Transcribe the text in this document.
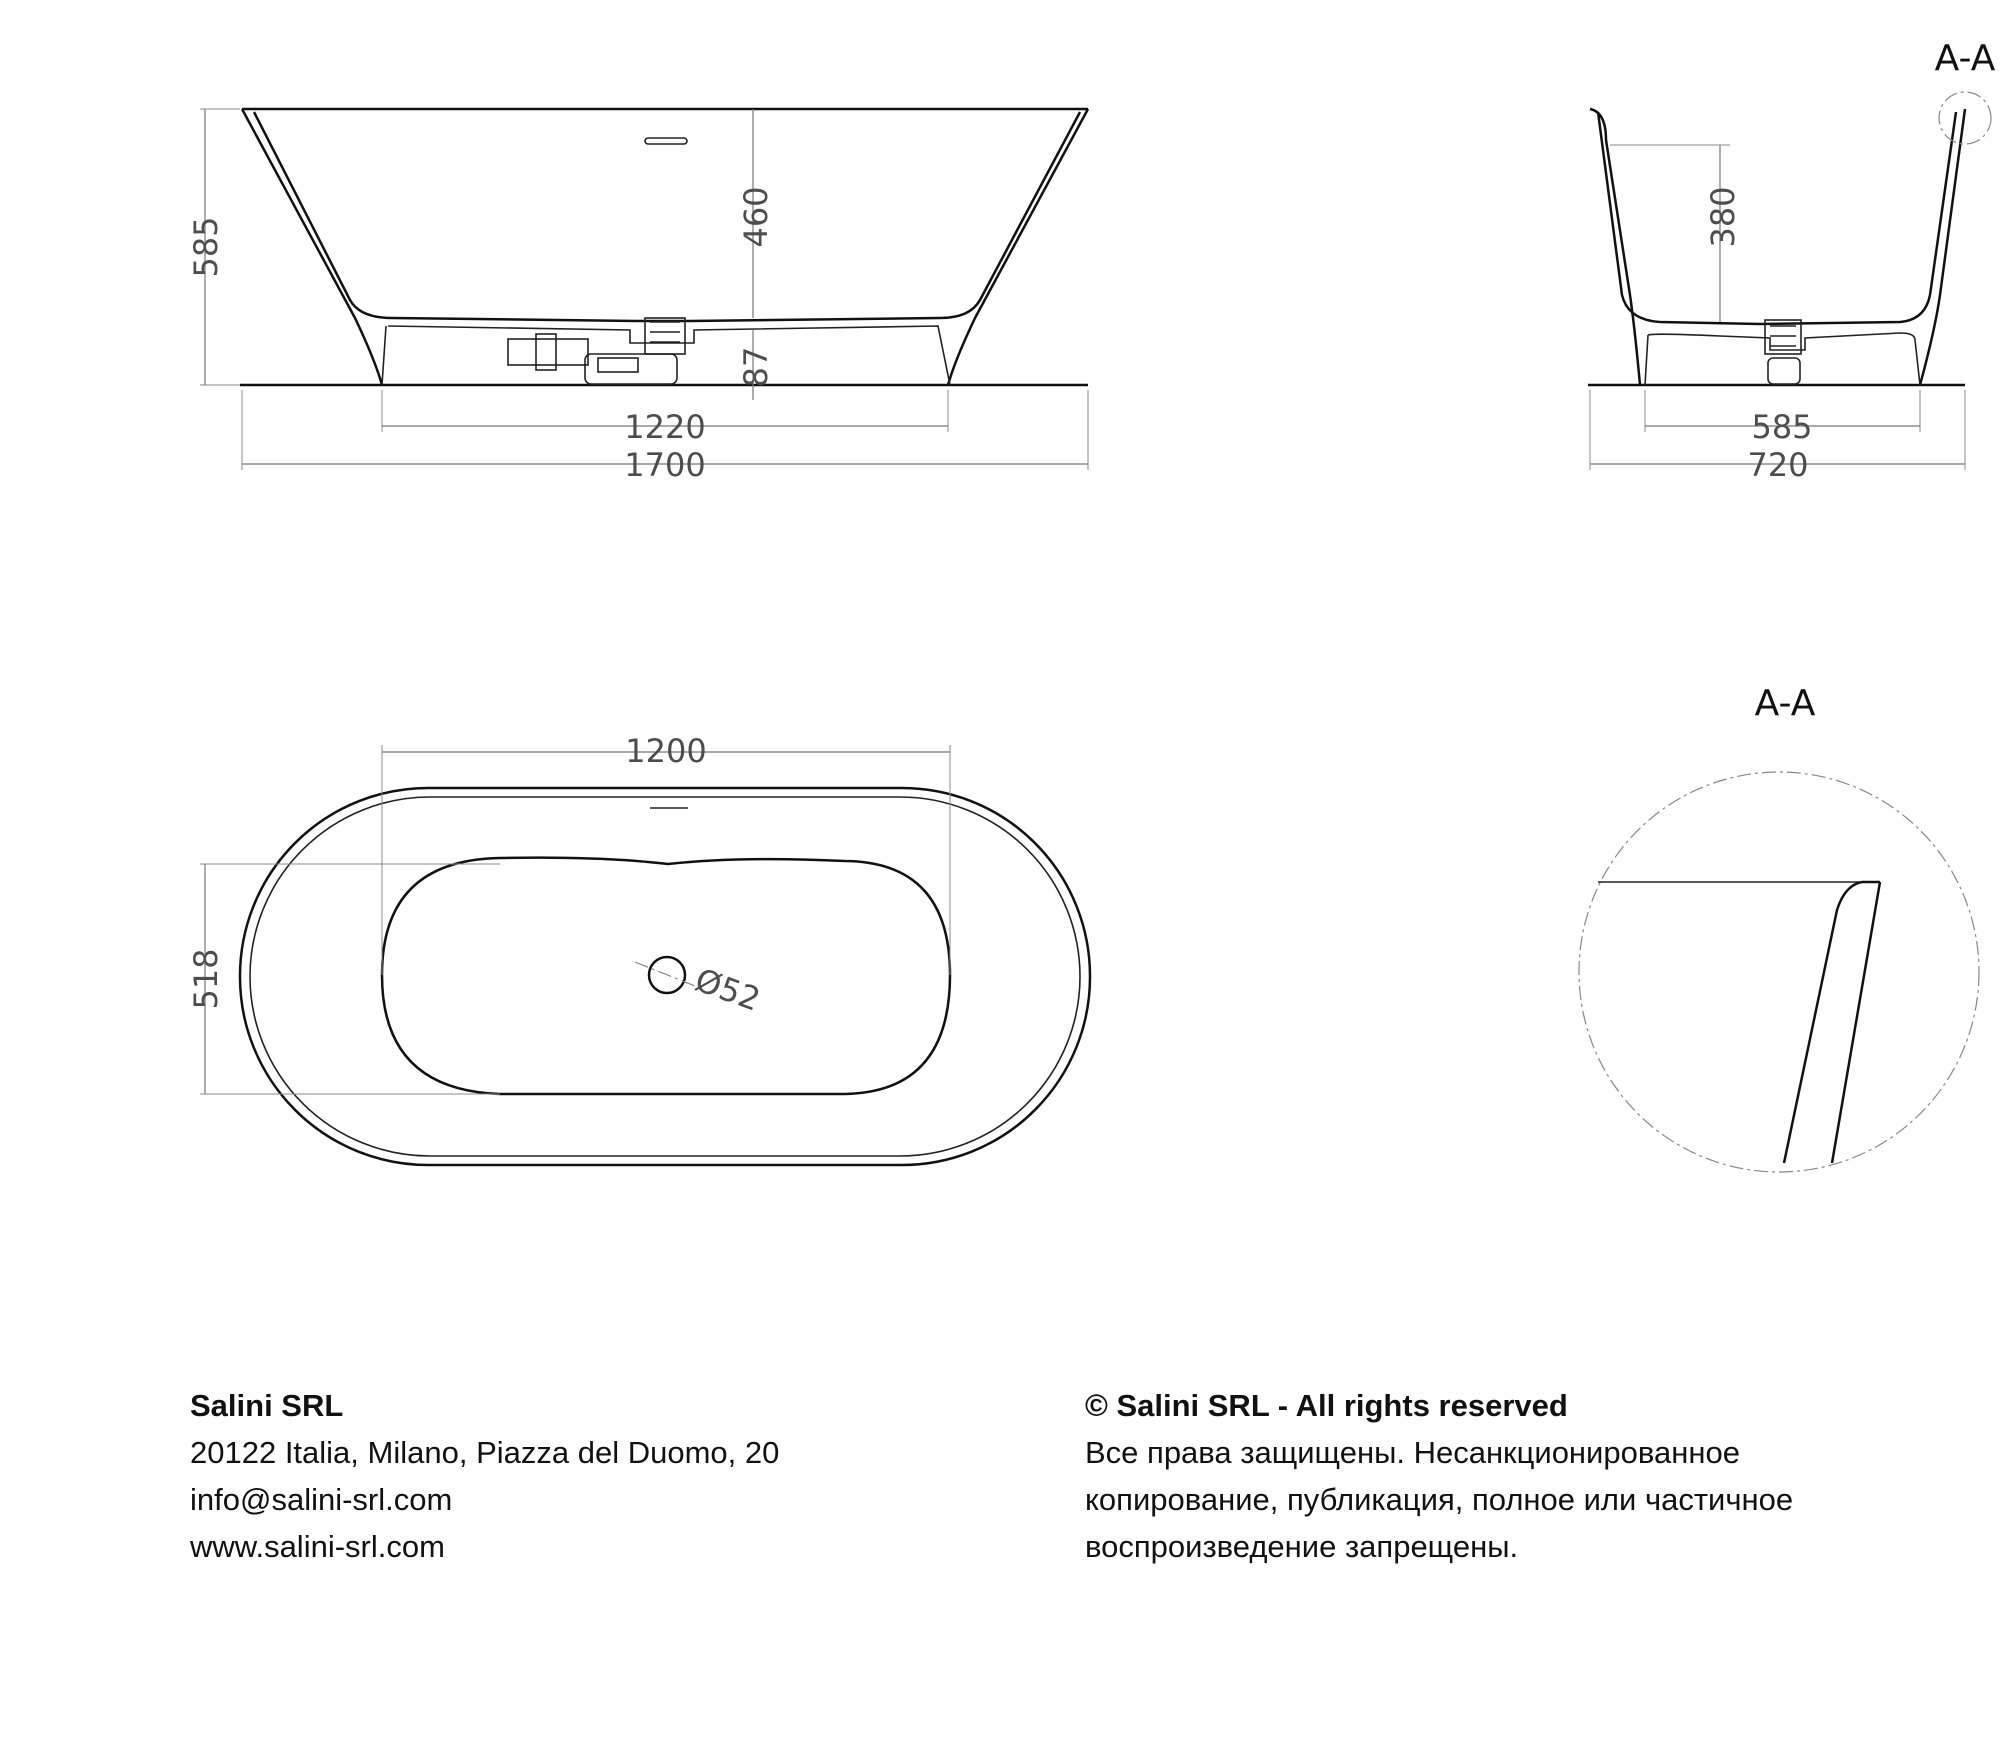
585	460
87
1220
1700
A-A
380
585
720
Ø52
1200
518
A-A
Salini SRL
20122 Italia, Milano, Piazza del Duomo, 20
info@salini-srl.com
www.salini-srl.com
© Salini SRL - All rights reserved
Все права защищены. Несанкционированное
копирование, публикация, полное или частичное
воспроизведение запрещены.
